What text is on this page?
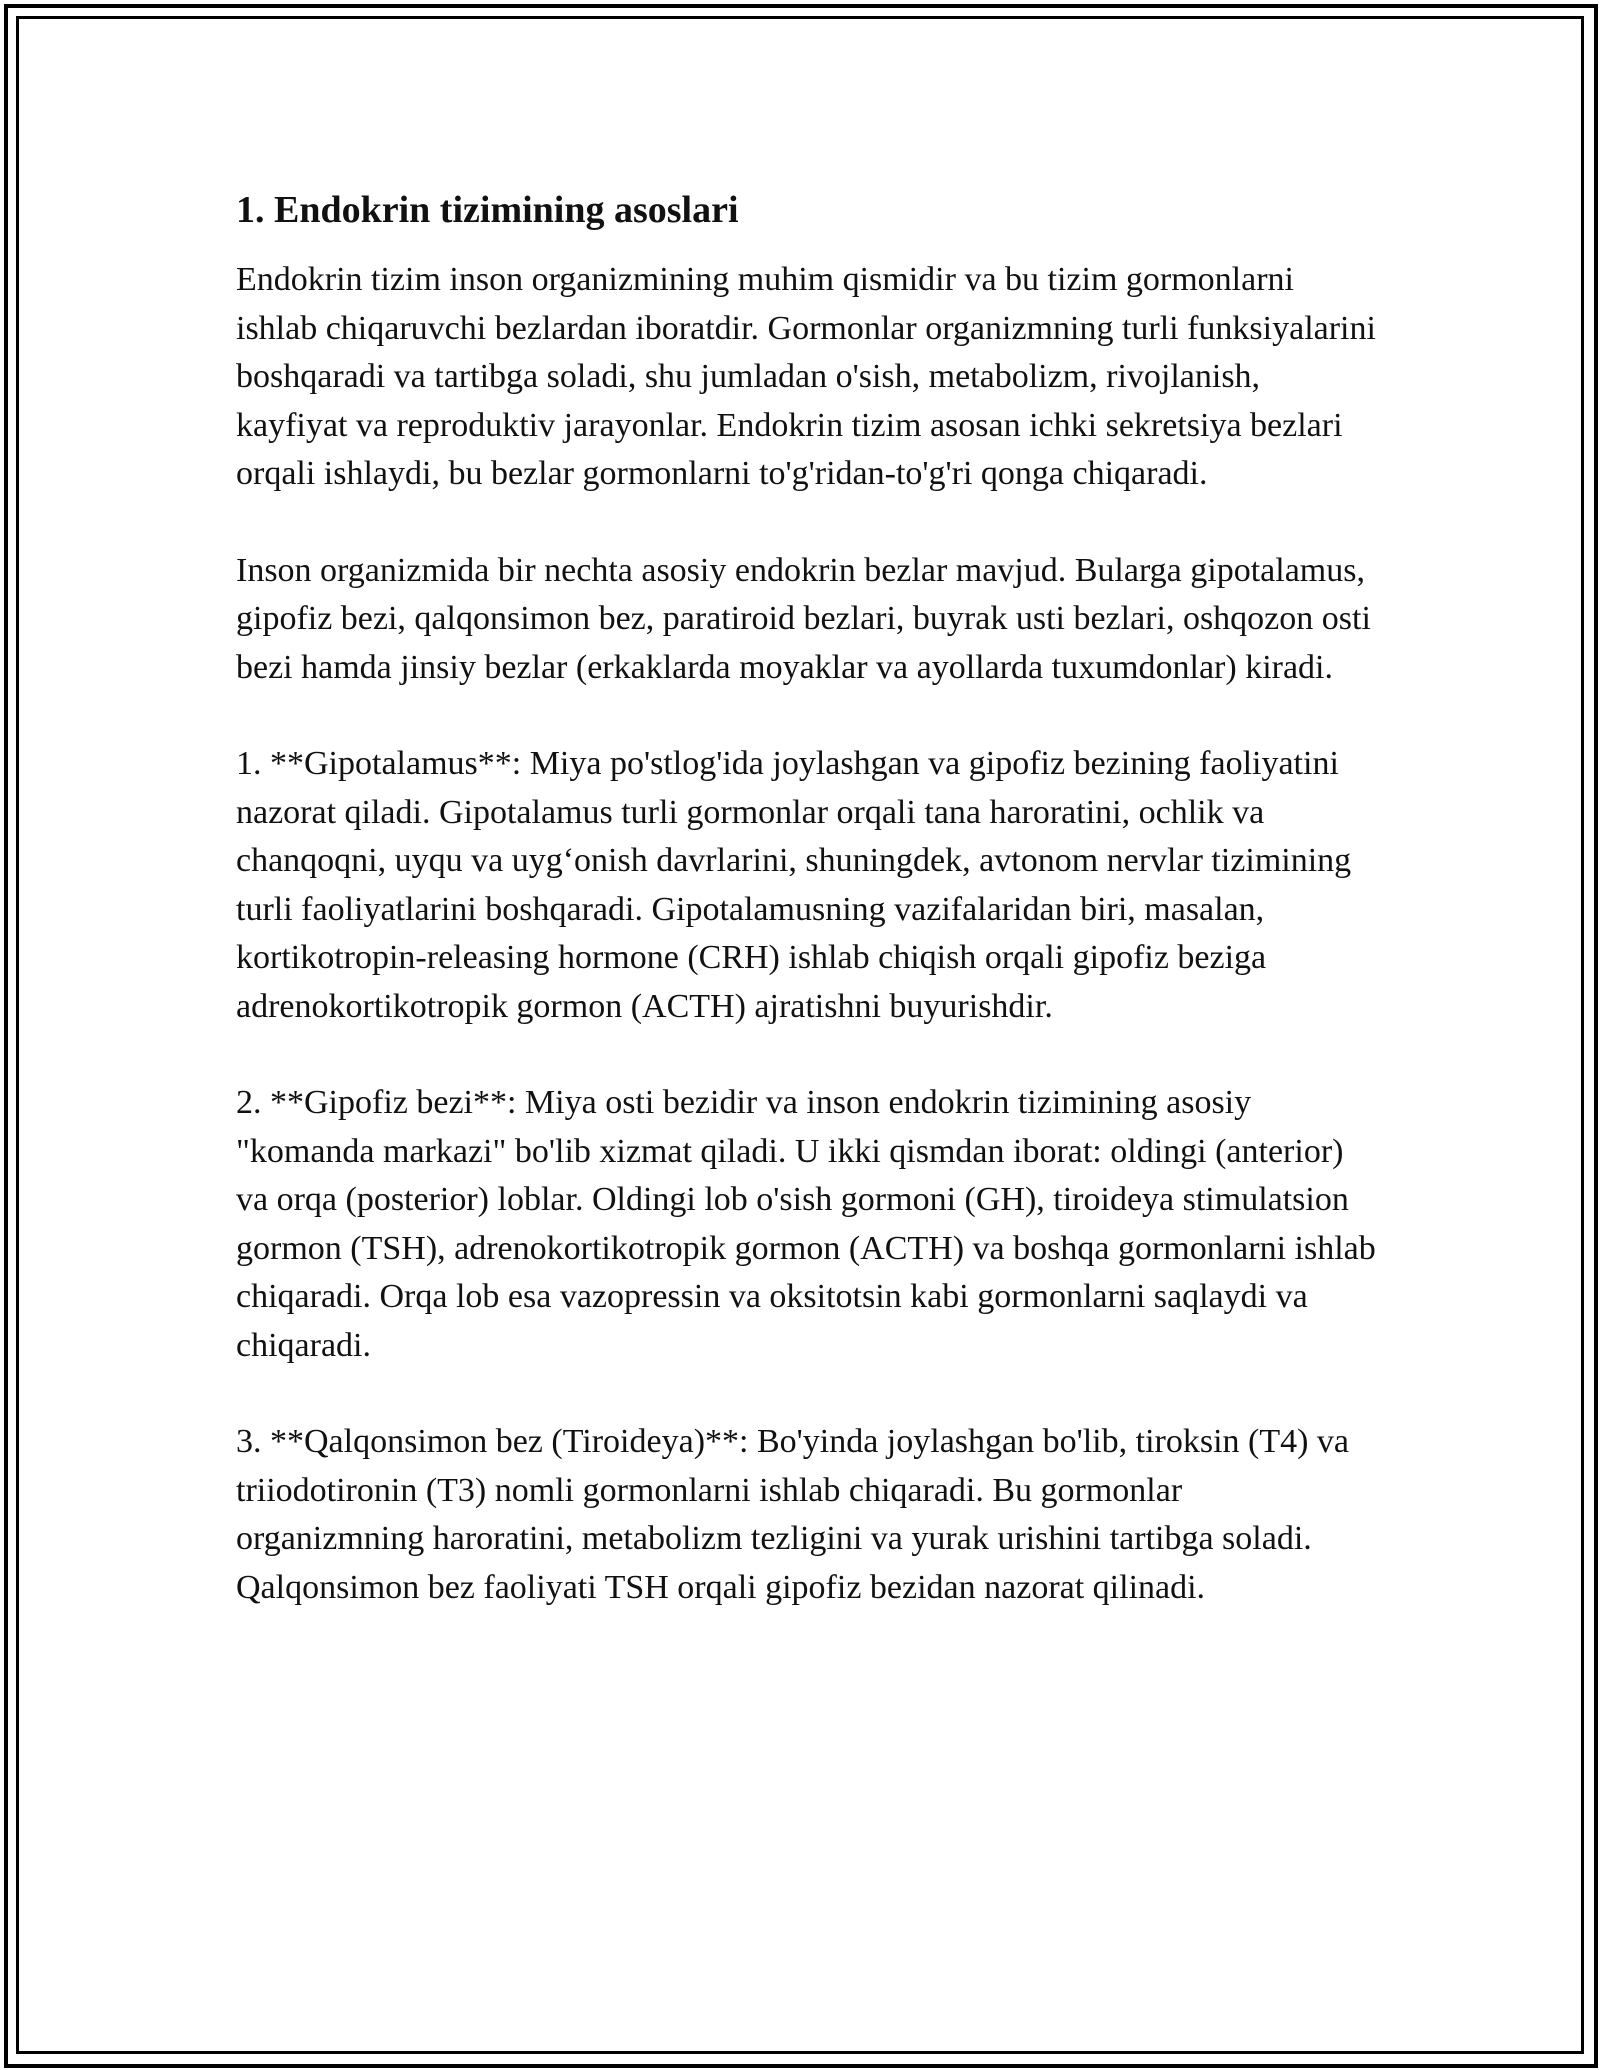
1. Endokrin tizimining asoslari

Endokrin tizim inson organizmining muhim qismidir va bu tizim gormonlarni ishlab chiqaruvchi bezlardan iboratdir. Gormonlar organizmning turli funksiyalarini boshqaradi va tartibga soladi, shu jumladan o'sish, metabolizm, rivojlanish, kayfiyat va reproduktiv jarayonlar. Endokrin tizim asosan ichki sekretsiya bezlari orqali ishlaydi, bu bezlar gormonlarni to'g'ridan-to'g'ri qonga chiqaradi.

Inson organizmida bir nechta asosiy endokrin bezlar mavjud. Bularga gipotalamus, gipofiz bezi, qalqonsimon bez, paratiroid bezlari, buyrak usti bezlari, oshqozon osti bezi hamda jinsiy bezlar (erkaklarda moyaklar va ayollarda tuxumdonlar) kiradi.

1. **Gipotalamus**: Miya po'stlog'ida joylashgan va gipofiz bezining faoliyatini nazorat qiladi. Gipotalamus turli gormonlar orqali tana haroratini, ochlik va chanqoqni, uyqu va uyg‘onish davrlarini, shuningdek, avtonom nervlar tizimining turli faoliyatlarini boshqaradi. Gipotalamusning vazifalaridan biri, masalan, kortikotropin-releasing hormone (CRH) ishlab chiqish orqali gipofiz beziga adrenokortikotropik gormon (ACTH) ajratishni buyurishdir.

2. **Gipofiz bezi**: Miya osti bezidir va inson endokrin tizimining asosiy "komanda markazi" bo'lib xizmat qiladi. U ikki qismdan iborat: oldingi (anterior) va orqa (posterior) loblar. Oldingi lob o'sish gormoni (GH), tiroideya stimulatsion gormon (TSH), adrenokortikotropik gormon (ACTH) va boshqa gormonlarni ishlab chiqaradi. Orqa lob esa vazopressin va oksitotsin kabi gormonlarni saqlaydi va chiqaradi.

3. **Qalqonsimon bez (Tiroideya)**: Bo'yinda joylashgan bo'lib, tiroksin (T4) va triiodotironin (T3) nomli gormonlarni ishlab chiqaradi. Bu gormonlar organizmning haroratini, metabolizm tezligini va yurak urishini tartibga soladi. Qalqonsimon bez faoliyati TSH orqali gipofiz bezidan nazorat qilinadi.
